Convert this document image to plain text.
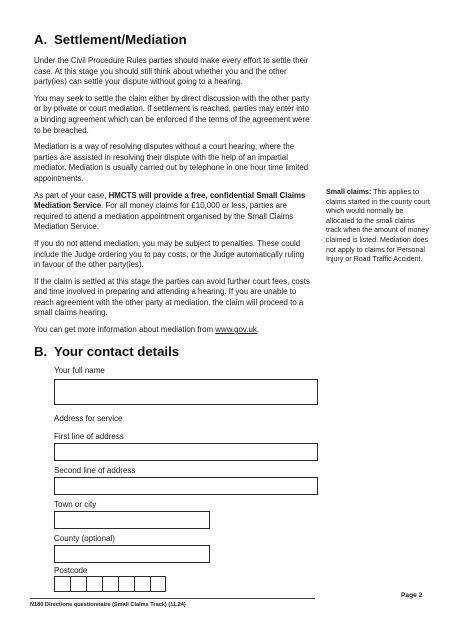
A. Settlement/Mediation

Under the Civil Procedure Rules parties should make every effort to settle their case. At this stage you should still think about whether you and the other party(ies) can settle your dispute without going to a hearing.

You may seek to settle the claim either by direct discussion with the other party or by private or court mediation. If settlement is reached, parties may enter into a binding agreement which can be enforced if the terms of the agreement were to be breached.

Mediation is a way of resolving disputes without a court hearing, where the parties are assisted in resolving their dispute with the help of an impartial mediator. Mediation is usually carried out by telephone in one hour time limited appointments.

As part of your case, HMCTS will provide a free, confidential Small Claims Mediation Service. For all money claims for £10,000 or less, parties are required to attend a mediation appointment organised by the Small Claims Mediation Service.

If you do not attend mediation, you may be subject to penalties. These could include the Judge ordering you to pay costs, or the Judge automatically ruling in favour of the other party(ies).

If the claim is settled at this stage the parties can avoid further court fees, costs and time involved in preparing and attending a hearing. If you are unable to reach agreement with the other party at mediation, the claim will proceed to a small claims hearing.

You can get more information about mediation from www.gov.uk.

Small claims: This applies to claims started in the county court which would normally be allocated to the small claims track when the amount of money claimed is listed. Mediation does not apply to claims for Personal Injury or Road Traffic Accident.

B. Your contact details
Your full name
Address for service
First line of address
Second line of address
Town or city
County (optional)
Postcode
N180 Directions questionnaire (Small Claims Track) (11.24)
Page 2
